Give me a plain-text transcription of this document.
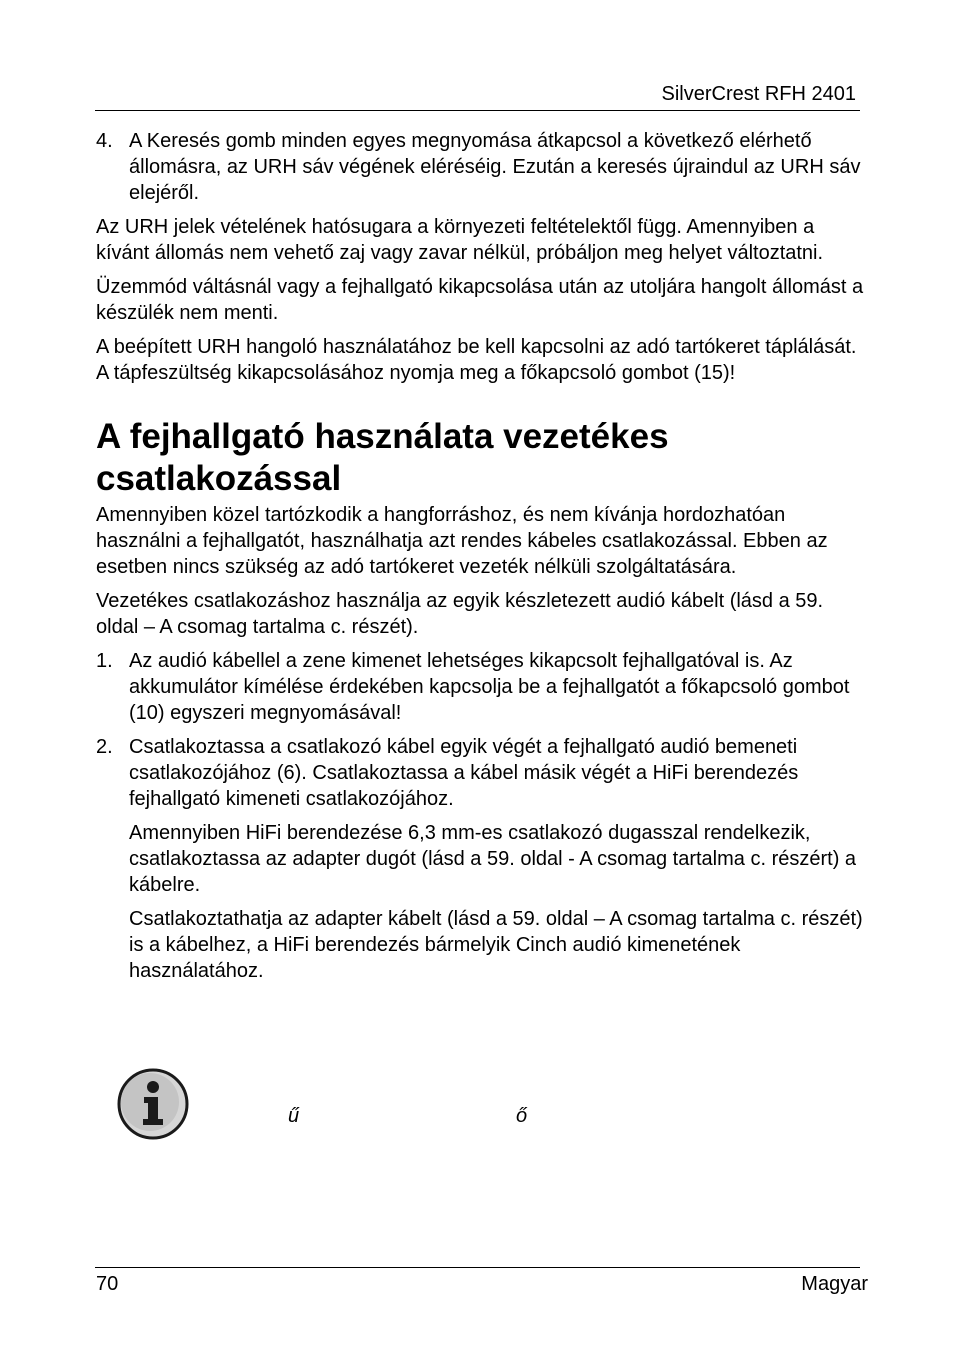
SilverCrest RFH 2401
4. A Keresés gomb minden egyes megnyomása átkapcsol a következő elérhető állomásra, az URH sáv végének eléréséig. Ezután a keresés újraindul az URH sáv elejéről.

Az URH jelek vételének hatósugara a környezeti feltételektől függ. Amennyiben a kívánt állomás nem vehető zaj vagy zavar nélkül, próbáljon meg helyet változtatni.

Üzemmód váltásnál vagy a fejhallgató kikapcsolása után az utoljára hangolt állomást a készülék nem menti.

A beépített URH hangoló használatához be kell kapcsolni az adó tartókeret táplálását. A tápfeszültség kikapcsolásához nyomja meg a főkapcsoló gombot (15)!

A fejhallgató használata vezetékes csatlakozással

Amennyiben közel tartózkodik a hangforráshoz, és nem kívánja hordozhatóan használni a fejhallgatót, használhatja azt rendes kábeles csatlakozással. Ebben az esetben nincs szükség az adó tartókeret vezeték nélküli szolgáltatására.

Vezetékes csatlakozáshoz használja az egyik készletezett audió kábelt (lásd a 59. oldal – A csomag tartalma c. részét).

1. Az audió kábellel a zene kimenet lehetséges kikapcsolt fejhallgatóval is. Az akkumulátor kímélése érdekében kapcsolja be a fejhallgatót a főkapcsoló gombot (10) egyszeri megnyomásával!

2. Csatlakoztassa a csatlakozó kábel egyik végét a fejhallgató audió bemeneti csatlakozójához (6). Csatlakoztassa a kábel másik végét a HiFi berendezés fejhallgató kimeneti csatlakozójához.

Amennyiben HiFi berendezése 6,3 mm-es csatlakozó dugasszal rendelkezik, csatlakoztassa az adapter dugót (lásd a 59. oldal - A csomag tartalma c. részért) a kábelre.

Csatlakoztathatja az adapter kábelt (lásd a 59. oldal – A csomag tartalma c. részét) is a kábelhez, a HiFi berendezés bármelyik Cinch audió kimenetének használatához.

ű	ő
70	Magyar
